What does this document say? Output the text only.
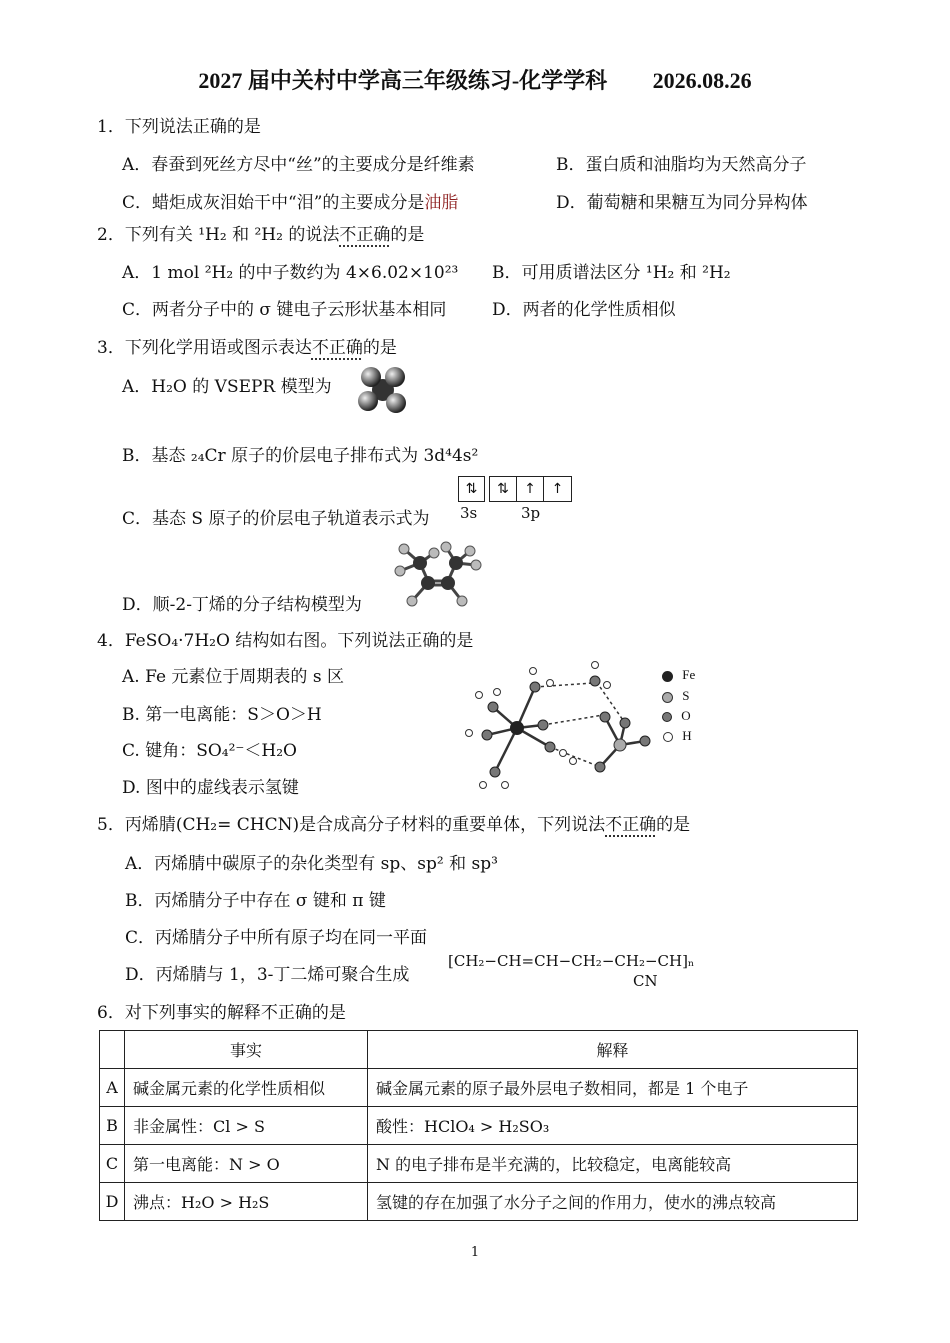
2027 届中关村中学高三年级练习-化学学科 2026.08.26
1．下列说法正确的是
A．春蚕到死丝方尽中“丝”的主要成分是纤维素	B．蛋白质和油脂均为天然高分子
C．蜡炬成灰泪始干中“泪”的主要成分是油脂	D．葡萄糖和果糖互为同分异构体
2．下列有关 ¹H₂ 和 ²H₂ 的说法不正确的是
A．1 mol ²H₂ 的中子数约为 4×6.02×10²³ B．可用质谱法区分 ¹H₂ 和 ²H₂
C．两者分子中的 σ 键电子云形状基本相同	D．两者的化学性质相似
3．下列化学用语或图示表达不正确的是
A．H₂O 的 VSEPR 模型为
B．基态 ₂₄Cr 原子的价层电子排布式为 3d⁴4s²
⇅	⇅	↑	↑
C．基态 S 原子的价层电子轨道表示式为 3s	3p
D．顺-2-丁烯的分子结构模型为
4．FeSO₄·7H₂O 结构如右图。下列说法正确的是
A. Fe 元素位于周期表的 s 区
B. 第一电离能：S＞O＞H
C. 键角：SO₄²⁻＜H₂O
D. 图中的虚线表示氢键
Fe
S
O
H
5．丙烯腈(CH₂= CHCN)是合成高分子材料的重要单体，下列说法不正确的是
A．丙烯腈中碳原子的杂化类型有 sp、sp² 和 sp³
B．丙烯腈分子中存在 σ 键和 π 键
C．丙烯腈分子中所有原子均在同一平面
D．丙烯腈与 1，3-丁二烯可聚合生成
[CH₂−CH=CH−CH₂−CH₂−CH]ₙ
CN
6．对下列事实的解释不正确的是
	事实	解释
A	碱金属元素的化学性质相似	碱金属元素的原子最外层电子数相同，都是 1 个电子
B	非金属性：Cl > S	酸性：HClO₄ > H₂SO₃
C	第一电离能：N > O	N 的电子排布是半充满的，比较稳定，电离能较高
D	沸点：H₂O > H₂S	氢键的存在加强了水分子之间的作用力，使水的沸点较高
1
